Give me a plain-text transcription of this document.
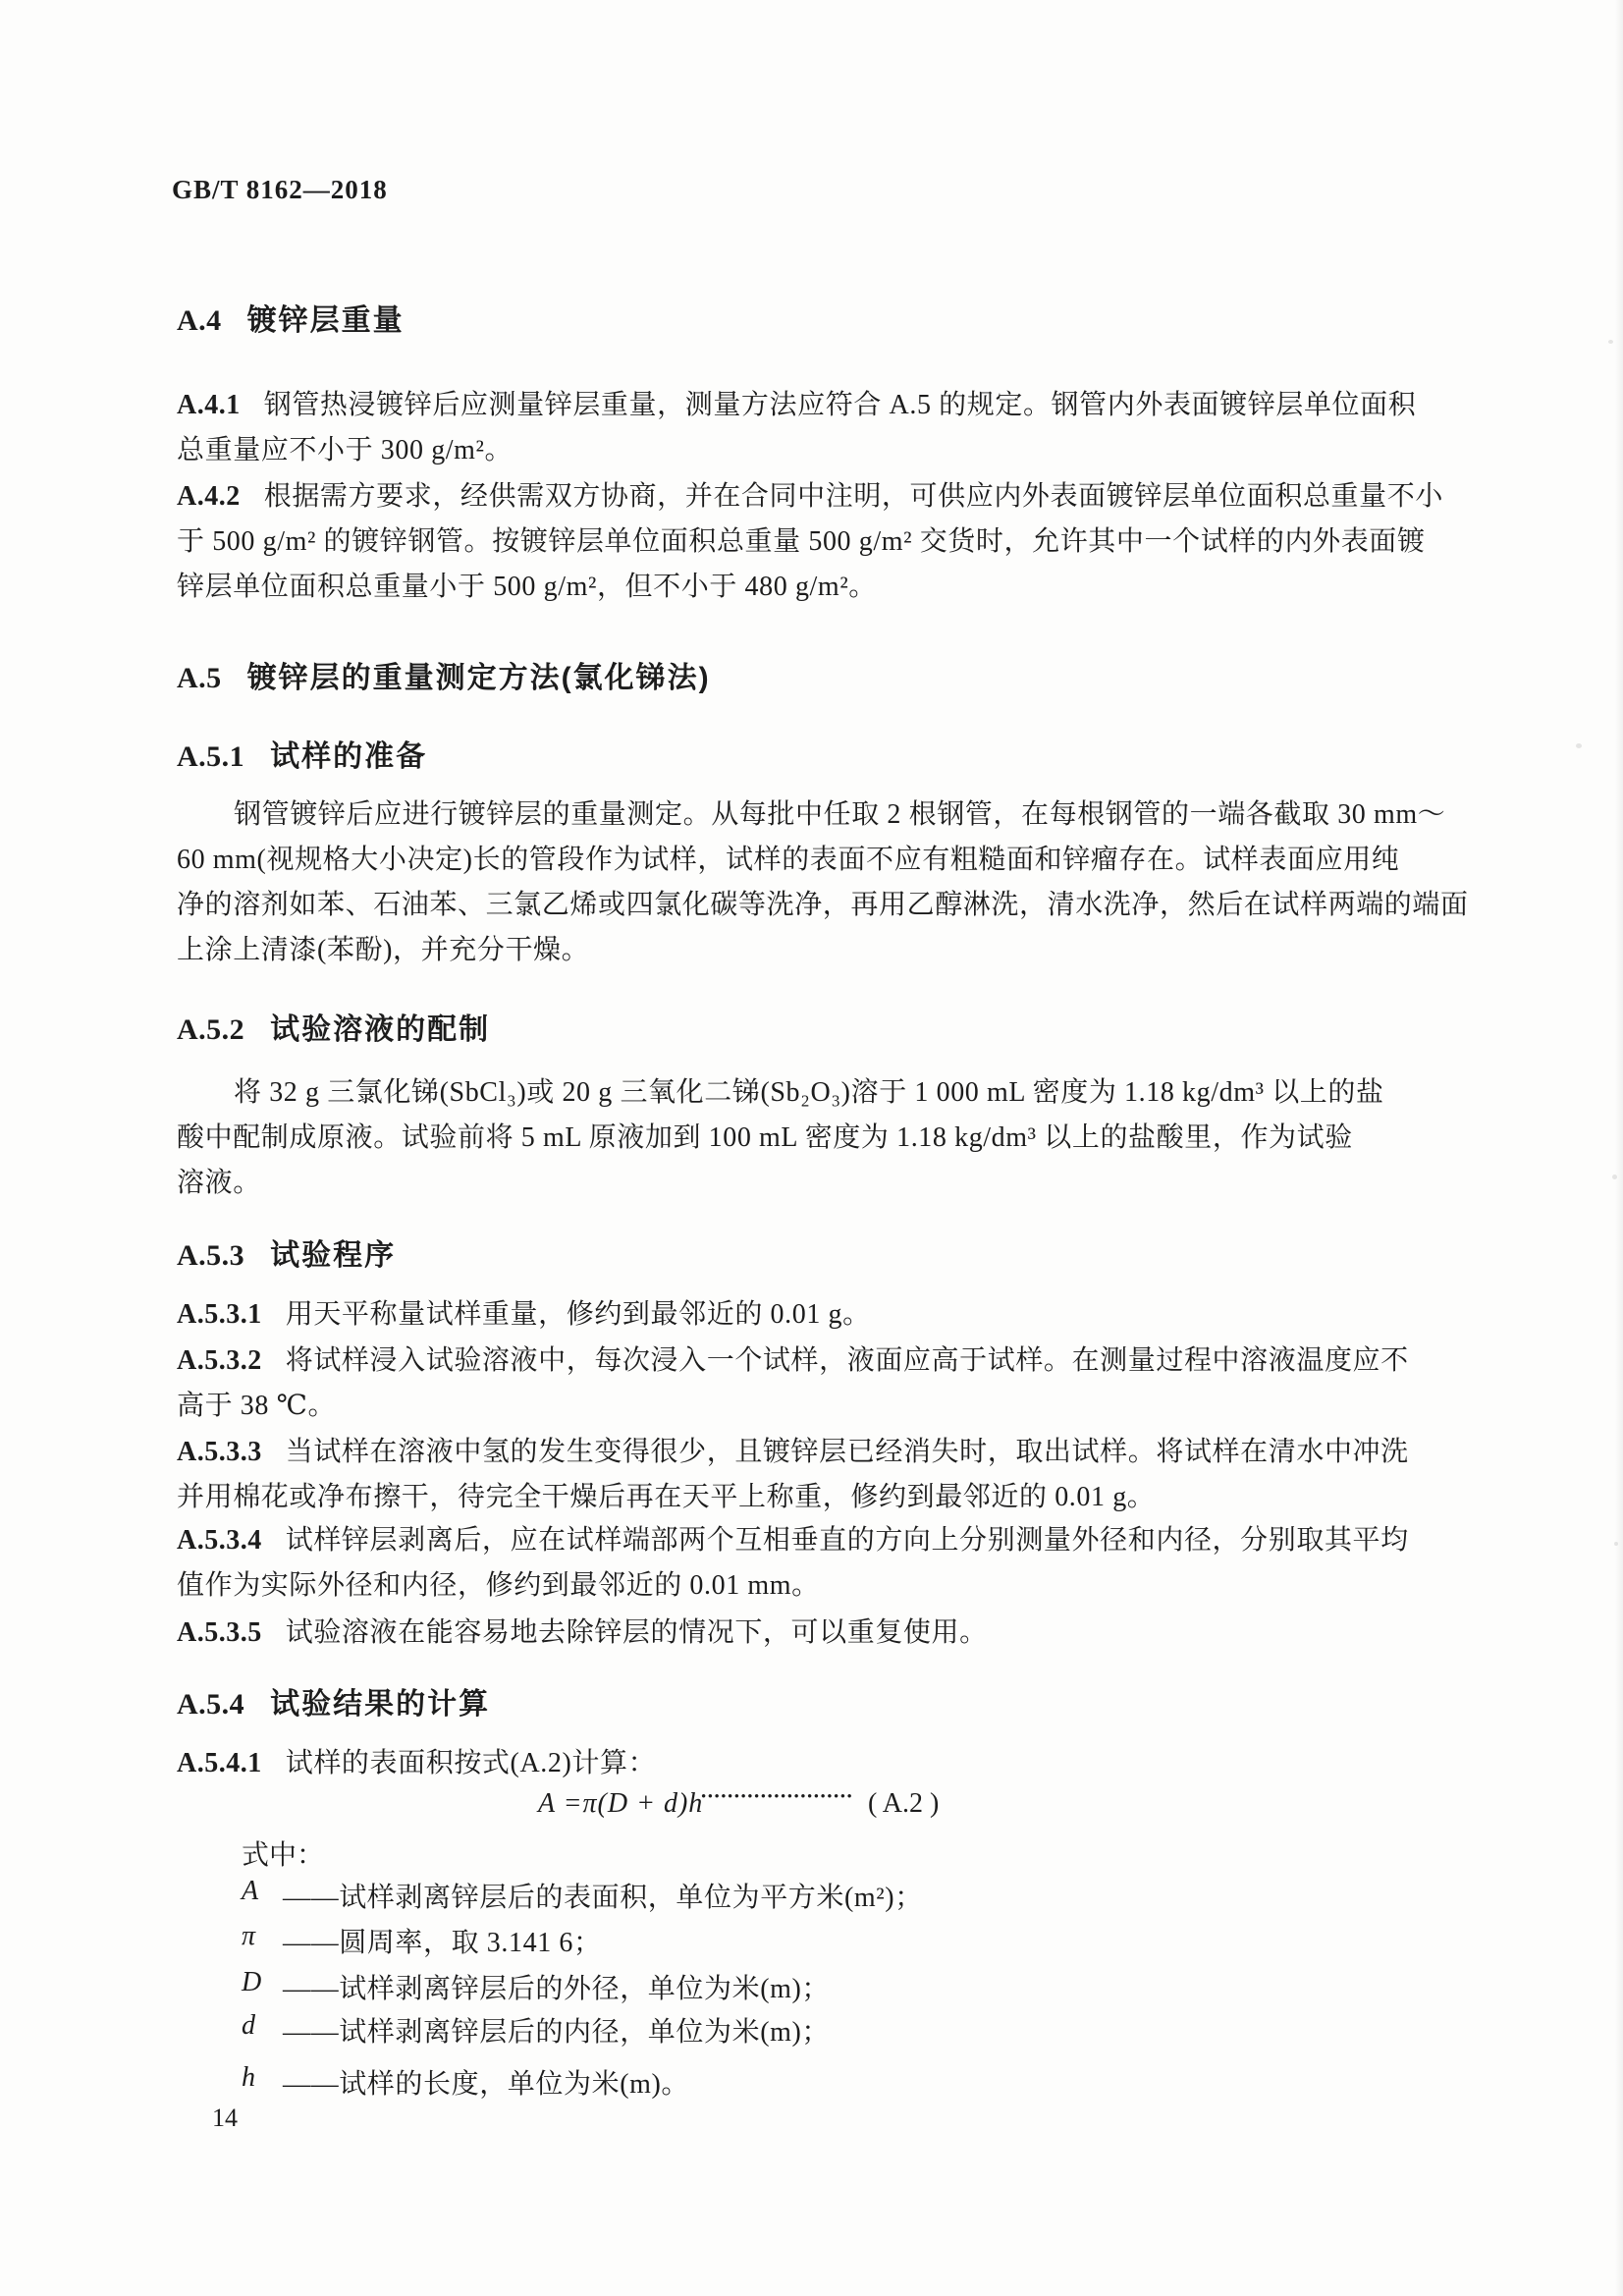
GB/T 8162—2018
A.4 镀锌层重量
A.4.1 钢管热浸镀锌后应测量锌层重量，测量方法应符合 A.5 的规定。钢管内外表面镀锌层单位面积
总重量应不小于 300 g/m²。
A.4.2 根据需方要求，经供需双方协商，并在合同中注明，可供应内外表面镀锌层单位面积总重量不小
于 500 g/m² 的镀锌钢管。按镀锌层单位面积总重量 500 g/m² 交货时，允许其中一个试样的内外表面镀
锌层单位面积总重量小于 500 g/m²，但不小于 480 g/m²。
A.5 镀锌层的重量测定方法(氯化锑法)
A.5.1 试样的准备
钢管镀锌后应进行镀锌层的重量测定。从每批中任取 2 根钢管，在每根钢管的一端各截取 30 mm～
60 mm(视规格大小决定)长的管段作为试样，试样的表面不应有粗糙面和锌瘤存在。试样表面应用纯
净的溶剂如苯、石油苯、三氯乙烯或四氯化碳等洗净，再用乙醇淋洗，清水洗净，然后在试样两端的端面
上涂上清漆(苯酚)，并充分干燥。
A.5.2 试验溶液的配制
将 32 g 三氯化锑(SbCl₃)或 20 g 三氧化二锑(Sb₂O₃)溶于 1 000 mL 密度为 1.18 kg/dm³ 以上的盐
酸中配制成原液。试验前将 5 mL 原液加到 100 mL 密度为 1.18 kg/dm³ 以上的盐酸里，作为试验
溶液。
A.5.3 试验程序
A.5.3.1 用天平称量试样重量，修约到最邻近的 0.01 g。
A.5.3.2 将试样浸入试验溶液中，每次浸入一个试样，液面应高于试样。在测量过程中溶液温度应不
高于 38 ℃。
A.5.3.3 当试样在溶液中氢的发生变得很少，且镀锌层已经消失时，取出试样。将试样在清水中冲洗
并用棉花或净布擦干，待完全干燥后再在天平上称重，修约到最邻近的 0.01 g。
A.5.3.4 试样锌层剥离后，应在试样端部两个互相垂直的方向上分别测量外径和内径，分别取其平均
值作为实际外径和内径，修约到最邻近的 0.01 mm。
A.5.3.5 试验溶液在能容易地去除锌层的情况下，可以重复使用。
A.5.4 试验结果的计算
A.5.4.1 试样的表面积按式(A.2)计算：
A =π(D + d)h
••••••••••••••••••••••• ( A.2 )
式中：
A ——试样剥离锌层后的表面积，单位为平方米(m²)；
π ——圆周率，取 3.141 6；
D ——试样剥离锌层后的外径，单位为米(m)；
d ——试样剥离锌层后的内径，单位为米(m)；
h ——试样的长度，单位为米(m)。
14
